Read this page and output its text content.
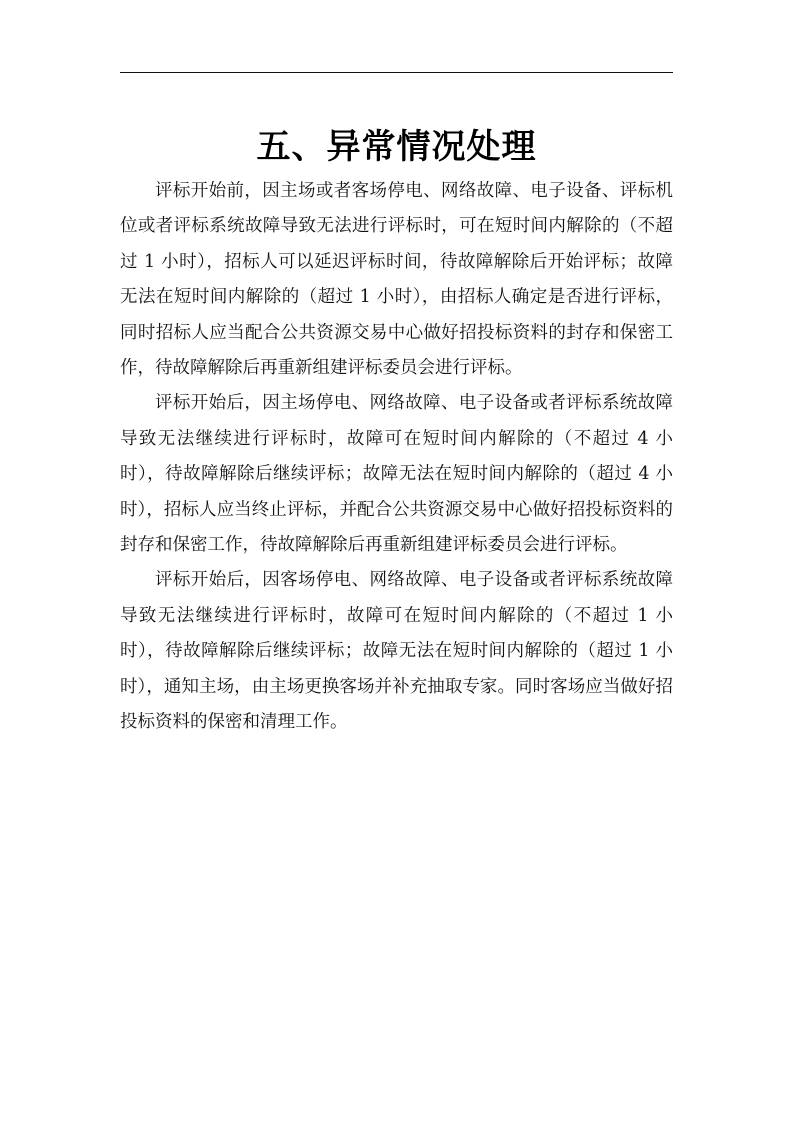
五、异常情况处理

评标开始前，因主场或者客场停电、网络故障、电子设备、评标机位或者评标系统故障导致无法进行评标时，可在短时间内解除的（不超过 1 小时），招标人可以延迟评标时间，待故障解除后开始评标；故障无法在短时间内解除的（超过 1 小时），由招标人确定是否进行评标，同时招标人应当配合公共资源交易中心做好招投标资料的封存和保密工作，待故障解除后再重新组建评标委员会进行评标。

评标开始后，因主场停电、网络故障、电子设备或者评标系统故障导致无法继续进行评标时，故障可在短时间内解除的（不超过 4 小时），待故障解除后继续评标；故障无法在短时间内解除的（超过 4 小时），招标人应当终止评标，并配合公共资源交易中心做好招投标资料的封存和保密工作，待故障解除后再重新组建评标委员会进行评标。

评标开始后，因客场停电、网络故障、电子设备或者评标系统故障导致无法继续进行评标时，故障可在短时间内解除的（不超过 1 小时），待故障解除后继续评标；故障无法在短时间内解除的（超过 1 小时），通知主场，由主场更换客场并补充抽取专家。同时客场应当做好招投标资料的保密和清理工作。
